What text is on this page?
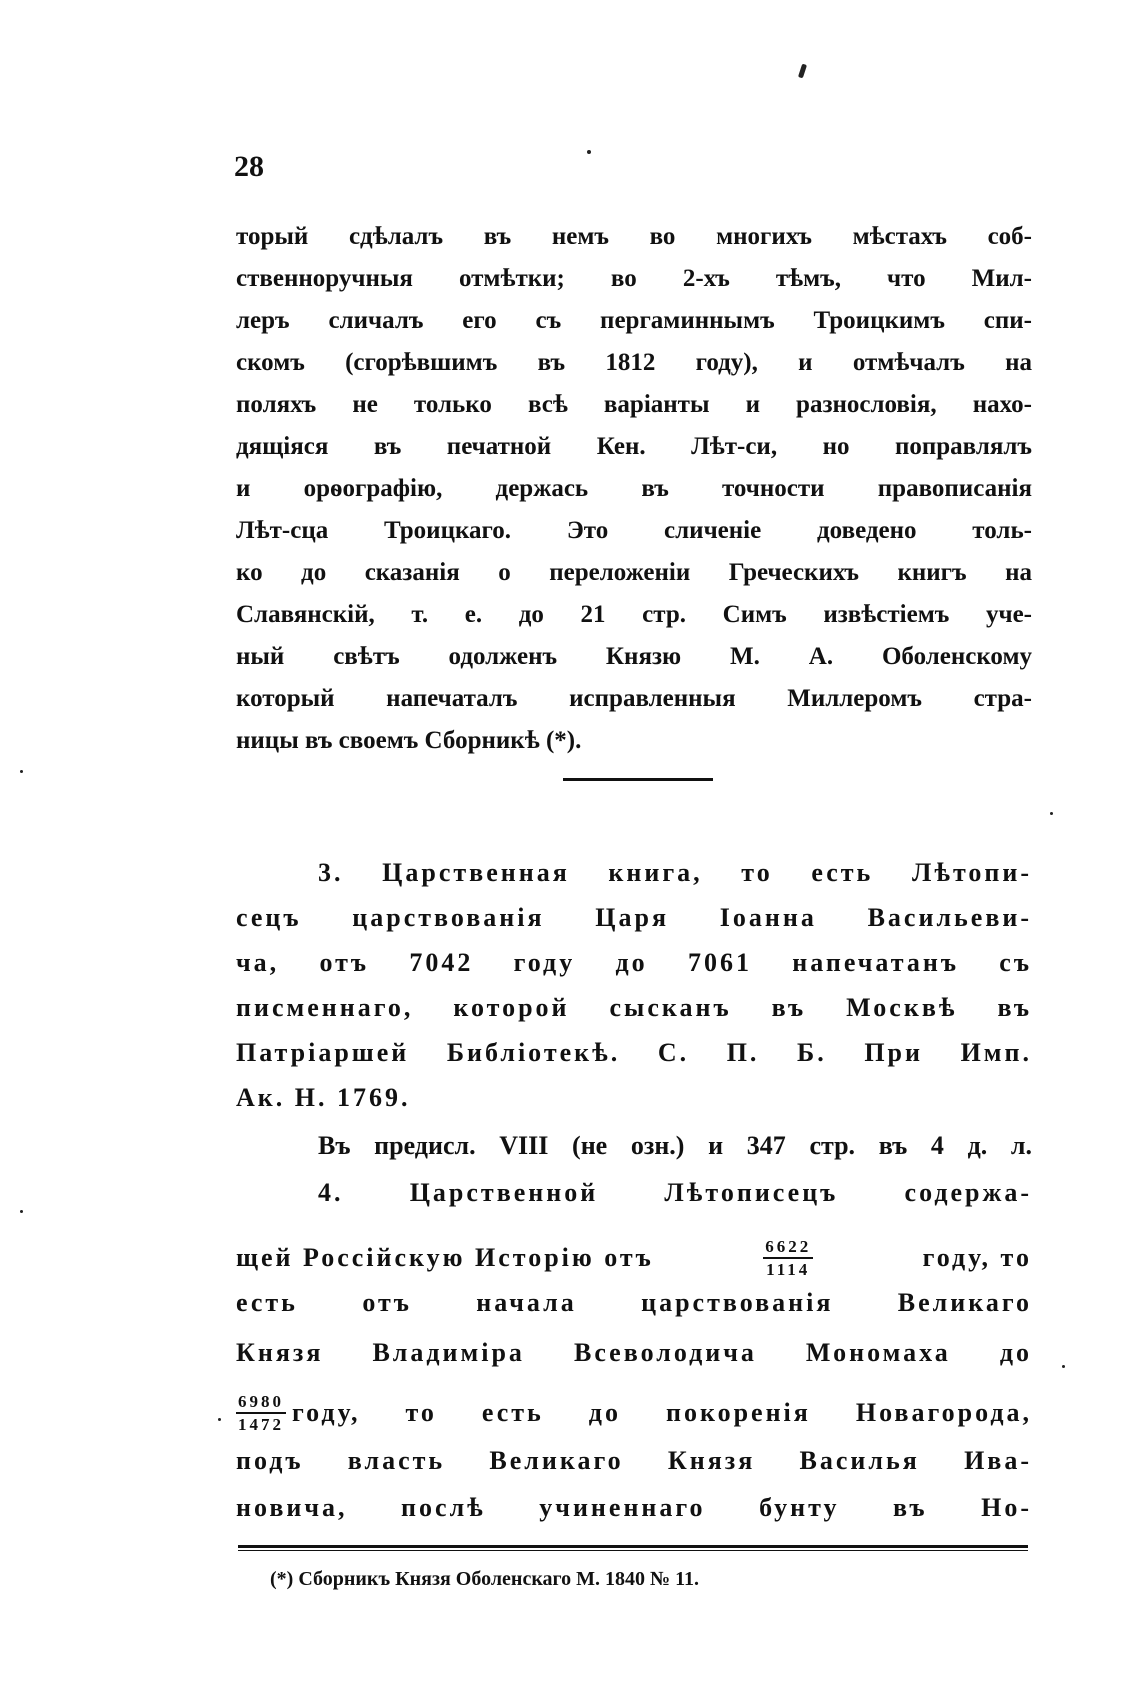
28
торый сдѣлалъ въ немъ во многихъ мѣстахъ соб-
ственноручныя отмѣтки; во 2-хъ тѣмъ, что Мил-
леръ сличалъ его съ пергаминнымъ Троицкимъ спи-
скомъ (сгорѣвшимъ въ 1812 году), и отмѣчалъ на
поляхъ не только всѣ варіанты и разнословія, нахо-
дящіяся въ печатной Кен. Лѣт-си, но поправлялъ
и орѳографію, держась въ точности правописанія
Лѣт-сца Троицкаго. Это сличеніе доведено толь-
ко до сказанія о переложеніи Греческихъ книгъ на
Славянскій, т. е. до 21 стр. Симъ извѣстіемъ уче-
ный свѣтъ одолженъ Князю М. А. Оболенскому
который напечаталъ исправленныя Миллеромъ стра-
ницы въ своемъ Сборникѣ (*).
3. Царственная книга, то есть Лѣтопи-
сецъ царствованія Царя Іоанна Васильеви-
ча, отъ 7042 году до 7061 напечатанъ съ
писменнаго, которой сысканъ въ Москвѣ въ
Патріаршей Библіотекѣ. С. П. Б. При Имп.
Ак. Н. 1769.
Въ предисл. VIII (не озн.) и 347 стр. въ 4 д. л.
4. Царственной Лѣтописецъ содержа-
щей Россійскую Исторію отъ	$\frac{6622}{1114}$	году, то
есть отъ начала царствованія Великаго
Князя Владиміра Всеволодича Мономаха до
$\frac{6980}{1472}$ году, то есть до покоренія Новагорода,
подъ власть Великаго Князя Василья Ива-
новича, послѣ учиненнаго бунту въ Но-
(*) Сборникъ Князя Оболенскаго М. 1840 № 11.
